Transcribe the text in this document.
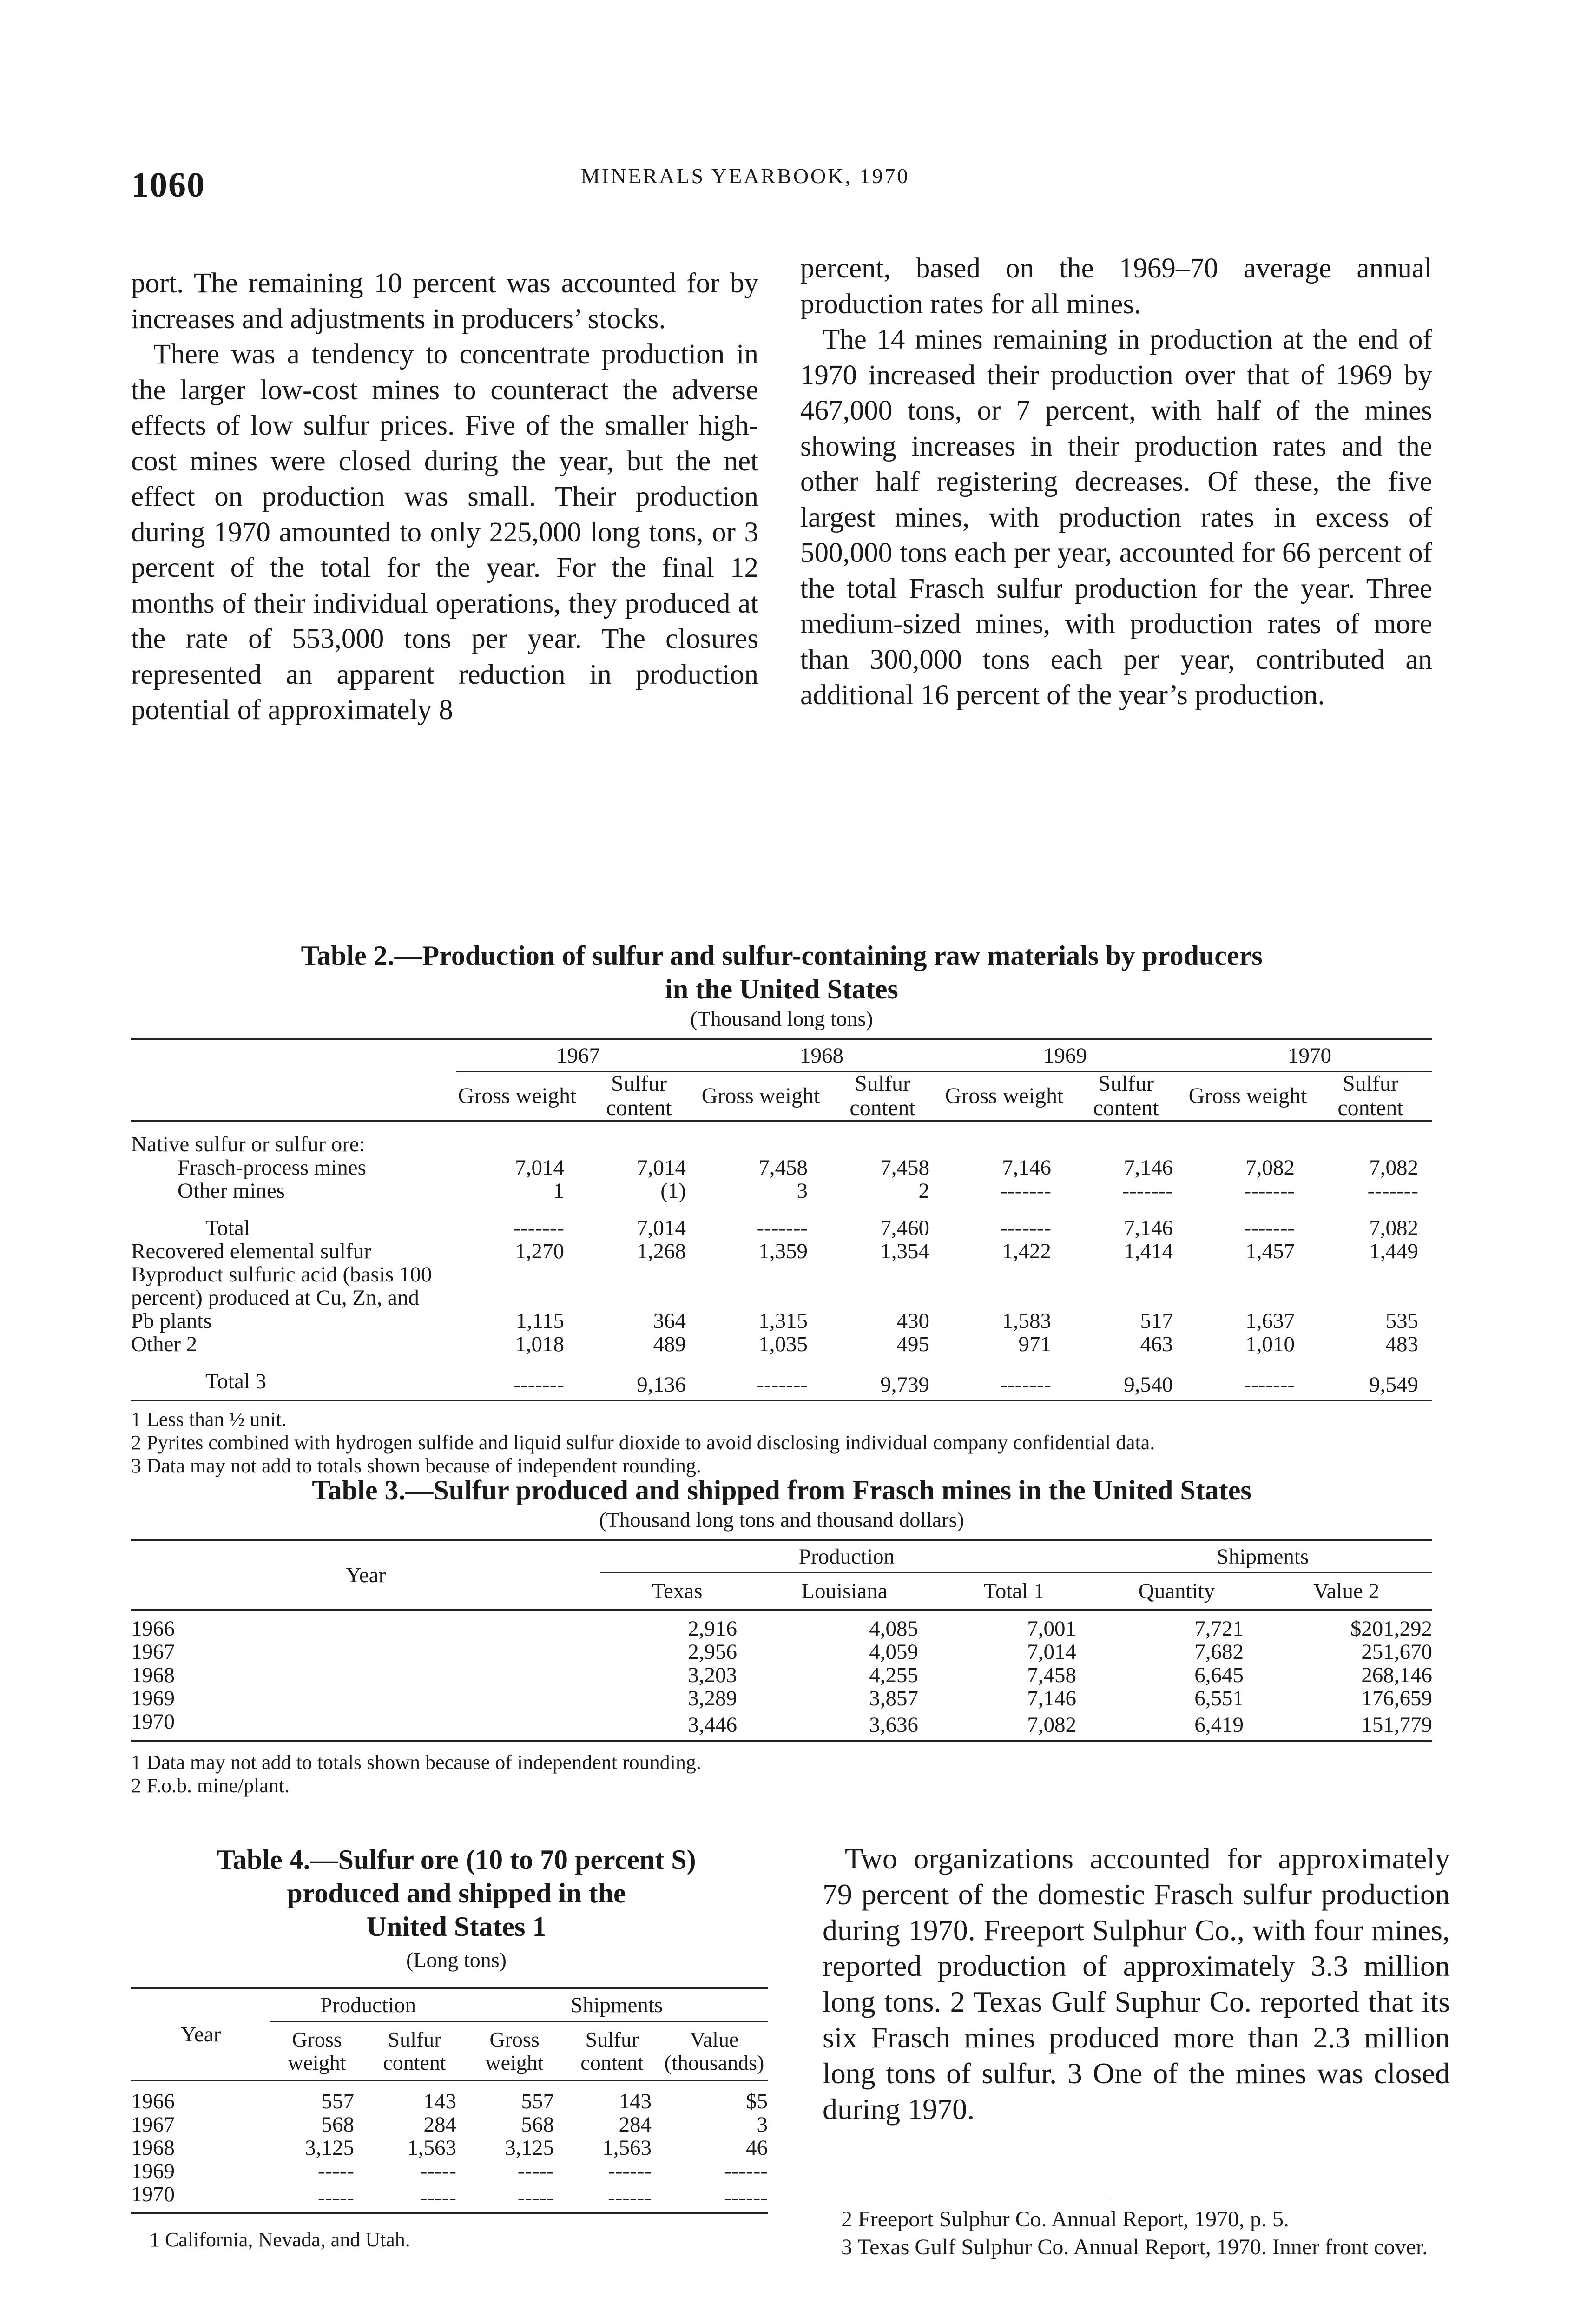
1060	MINERALS YEARBOOK, 1970

port. The remaining 10 percent was accounted for by increases and adjustments in producers’ stocks.

There was a tendency to concentrate production in the larger low-cost mines to counteract the adverse effects of low sulfur prices. Five of the smaller high-cost mines were closed during the year, but the net effect on production was small. Their production during 1970 amounted to only 225,000 long tons, or 3 percent of the total for the year. For the final 12 months of their individual operations, they produced at the rate of 553,000 tons per year. The closures represented an apparent reduction in production potential of approximately 8

percent, based on the 1969–70 average annual production rates for all mines.

The 14 mines remaining in production at the end of 1970 increased their production over that of 1969 by 467,000 tons, or 7 percent, with half of the mines showing increases in their production rates and the other half registering decreases. Of these, the five largest mines, with production rates in excess of 500,000 tons each per year, accounted for 66 percent of the total Frasch sulfur production for the year. Three medium-sized mines, with production rates of more than 300,000 tons each per year, contributed an additional 16 percent of the year’s production.

Table 2.—Production of sulfur and sulfur-containing raw materials by producers
in the United States
(Thousand long tons)
	1967		1968		1969		1970	
	Gross weight	Sulfur content	Gross weight	Sulfur content	Gross weight	Sulfur content	Gross weight	Sulfur content
Native sulfur or sulfur ore:								
Frasch-process mines	7,014	7,014	7,458	7,458	7,146	7,146	7,082	7,082
Other mines	1	(1)	3	2	-------	-------	-------	-------
Total	-------	7,014	-------	7,460	-------	7,146	-------	7,082
Recovered elemental sulfur	1,270	1,268	1,359	1,354	1,422	1,414	1,457	1,449
Byproduct sulfuric acid (basis 100 percent) produced at Cu, Zn, and Pb plants	1,115	364	1,315	430	1,583	517	1,637	535
Other 2	1,018	489	1,035	495	971	463	1,010	483
Total 3	-------	9,136	-------	9,739	-------	9,540	-------	9,549
1 Less than ½ unit.
2 Pyrites combined with hydrogen sulfide and liquid sulfur dioxide to avoid disclosing individual company confidential data.
3 Data may not add to totals shown because of independent rounding.
Table 3.—Sulfur produced and shipped from Frasch mines in the United States
(Thousand long tons and thousand dollars)
Year	Production			Shipments	
	Texas	Louisiana	Total 1	Quantity	Value 2
1966	2,916	4,085	7,001	7,721	$201,292
1967	2,956	4,059	7,014	7,682	251,670
1968	3,203	4,255	7,458	6,645	268,146
1969	3,289	3,857	7,146	6,551	176,659
1970	3,446	3,636	7,082	6,419	151,779
1 Data may not add to totals shown because of independent rounding.
2 F.o.b. mine/plant.
Table 4.—Sulfur ore (10 to 70 percent S)
produced and shipped in the
United States 1
(Long tons)
Year	Production		Shipments		
	Gross weight	Sulfur content	Gross weight	Sulfur content	Value (thousands)
1966	557	143	557	143	$5
1967	568	284	568	284	3
1968	3,125	1,563	3,125	1,563	46
1969	-----	-----	-----	------	------
1970	-----	-----	-----	------	------
1 California, Nevada, and Utah.

Two organizations accounted for approximately 79 percent of the domestic Frasch sulfur production during 1970. Freeport Sulphur Co., with four mines, reported production of approximately 3.3 million long tons. 2 Texas Gulf Suphur Co. reported that its six Frasch mines produced more than 2.3 million long tons of sulfur. 3 One of the mines was closed during 1970.

2 Freeport Sulphur Co. Annual Report, 1970, p. 5.
3 Texas Gulf Sulphur Co. Annual Report, 1970. Inner front cover.
